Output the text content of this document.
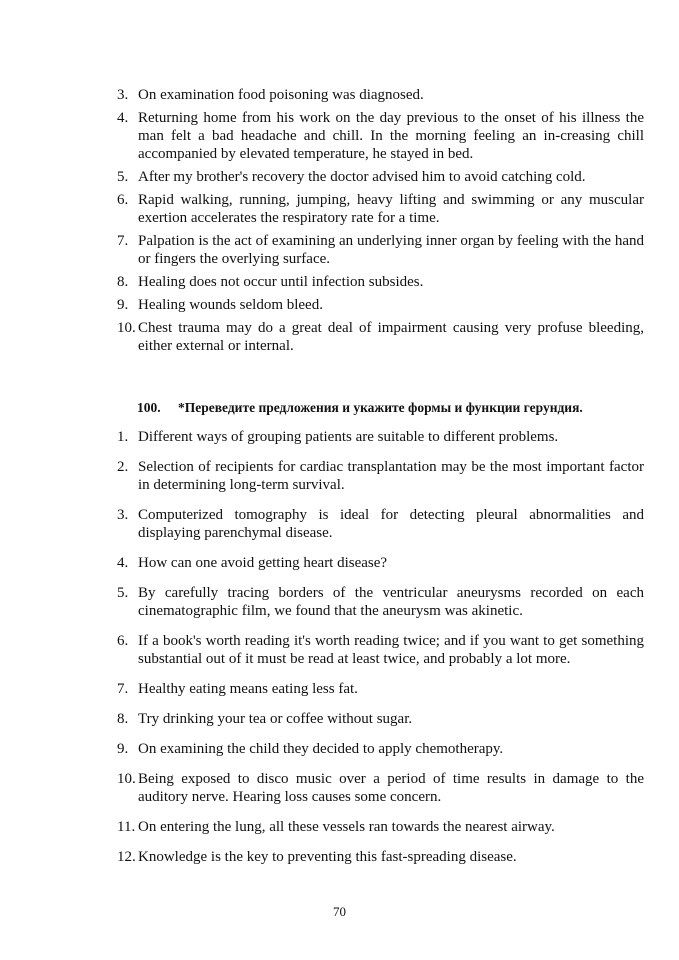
3. On examination food poisoning was diagnosed.
4. Returning home from his work on the day previous to the onset of his illness the man felt a bad headache and chill. In the morning feeling an in-creasing chill accompanied by elevated temperature, he stayed in bed.
5. After my brother's recovery the doctor advised him to avoid catching cold.
6. Rapid walking, running, jumping, heavy lifting and swimming or any muscular exertion accelerates the respiratory rate for a time.
7. Palpation is the act of examining an underlying inner organ by feeling with the hand or fingers the overlying surface.
8. Healing does not occur until infection subsides.
9. Healing wounds seldom bleed.
10. Chest trauma may do a great deal of impairment causing very profuse bleeding, either external or internal.
100. *Переведите предложения и укажите формы и функции герундия.
1. Different ways of grouping patients are suitable to different problems.
2. Selection of recipients for cardiac transplantation may be the most important factor in determining long-term survival.
3. Computerized tomography is ideal for detecting pleural abnormalities and displaying parenchymal disease.
4. How can one avoid getting heart disease?
5. By carefully tracing borders of the ventricular aneurysms recorded on each cinematographic film, we found that the aneurysm was akinetic.
6. If a book's worth reading it's worth reading twice; and if you want to get something substantial out of it must be read at least twice, and probably a lot more.
7. Healthy eating means eating less fat.
8. Try drinking your tea or coffee without sugar.
9. On examining the child they decided to apply chemotherapy.
10. Being exposed to disco music over a period of time results in damage to the auditory nerve. Hearing loss causes some concern.
11. On entering the lung, all these vessels ran towards the nearest airway.
12. Knowledge is the key to preventing this fast-spreading disease.
70
